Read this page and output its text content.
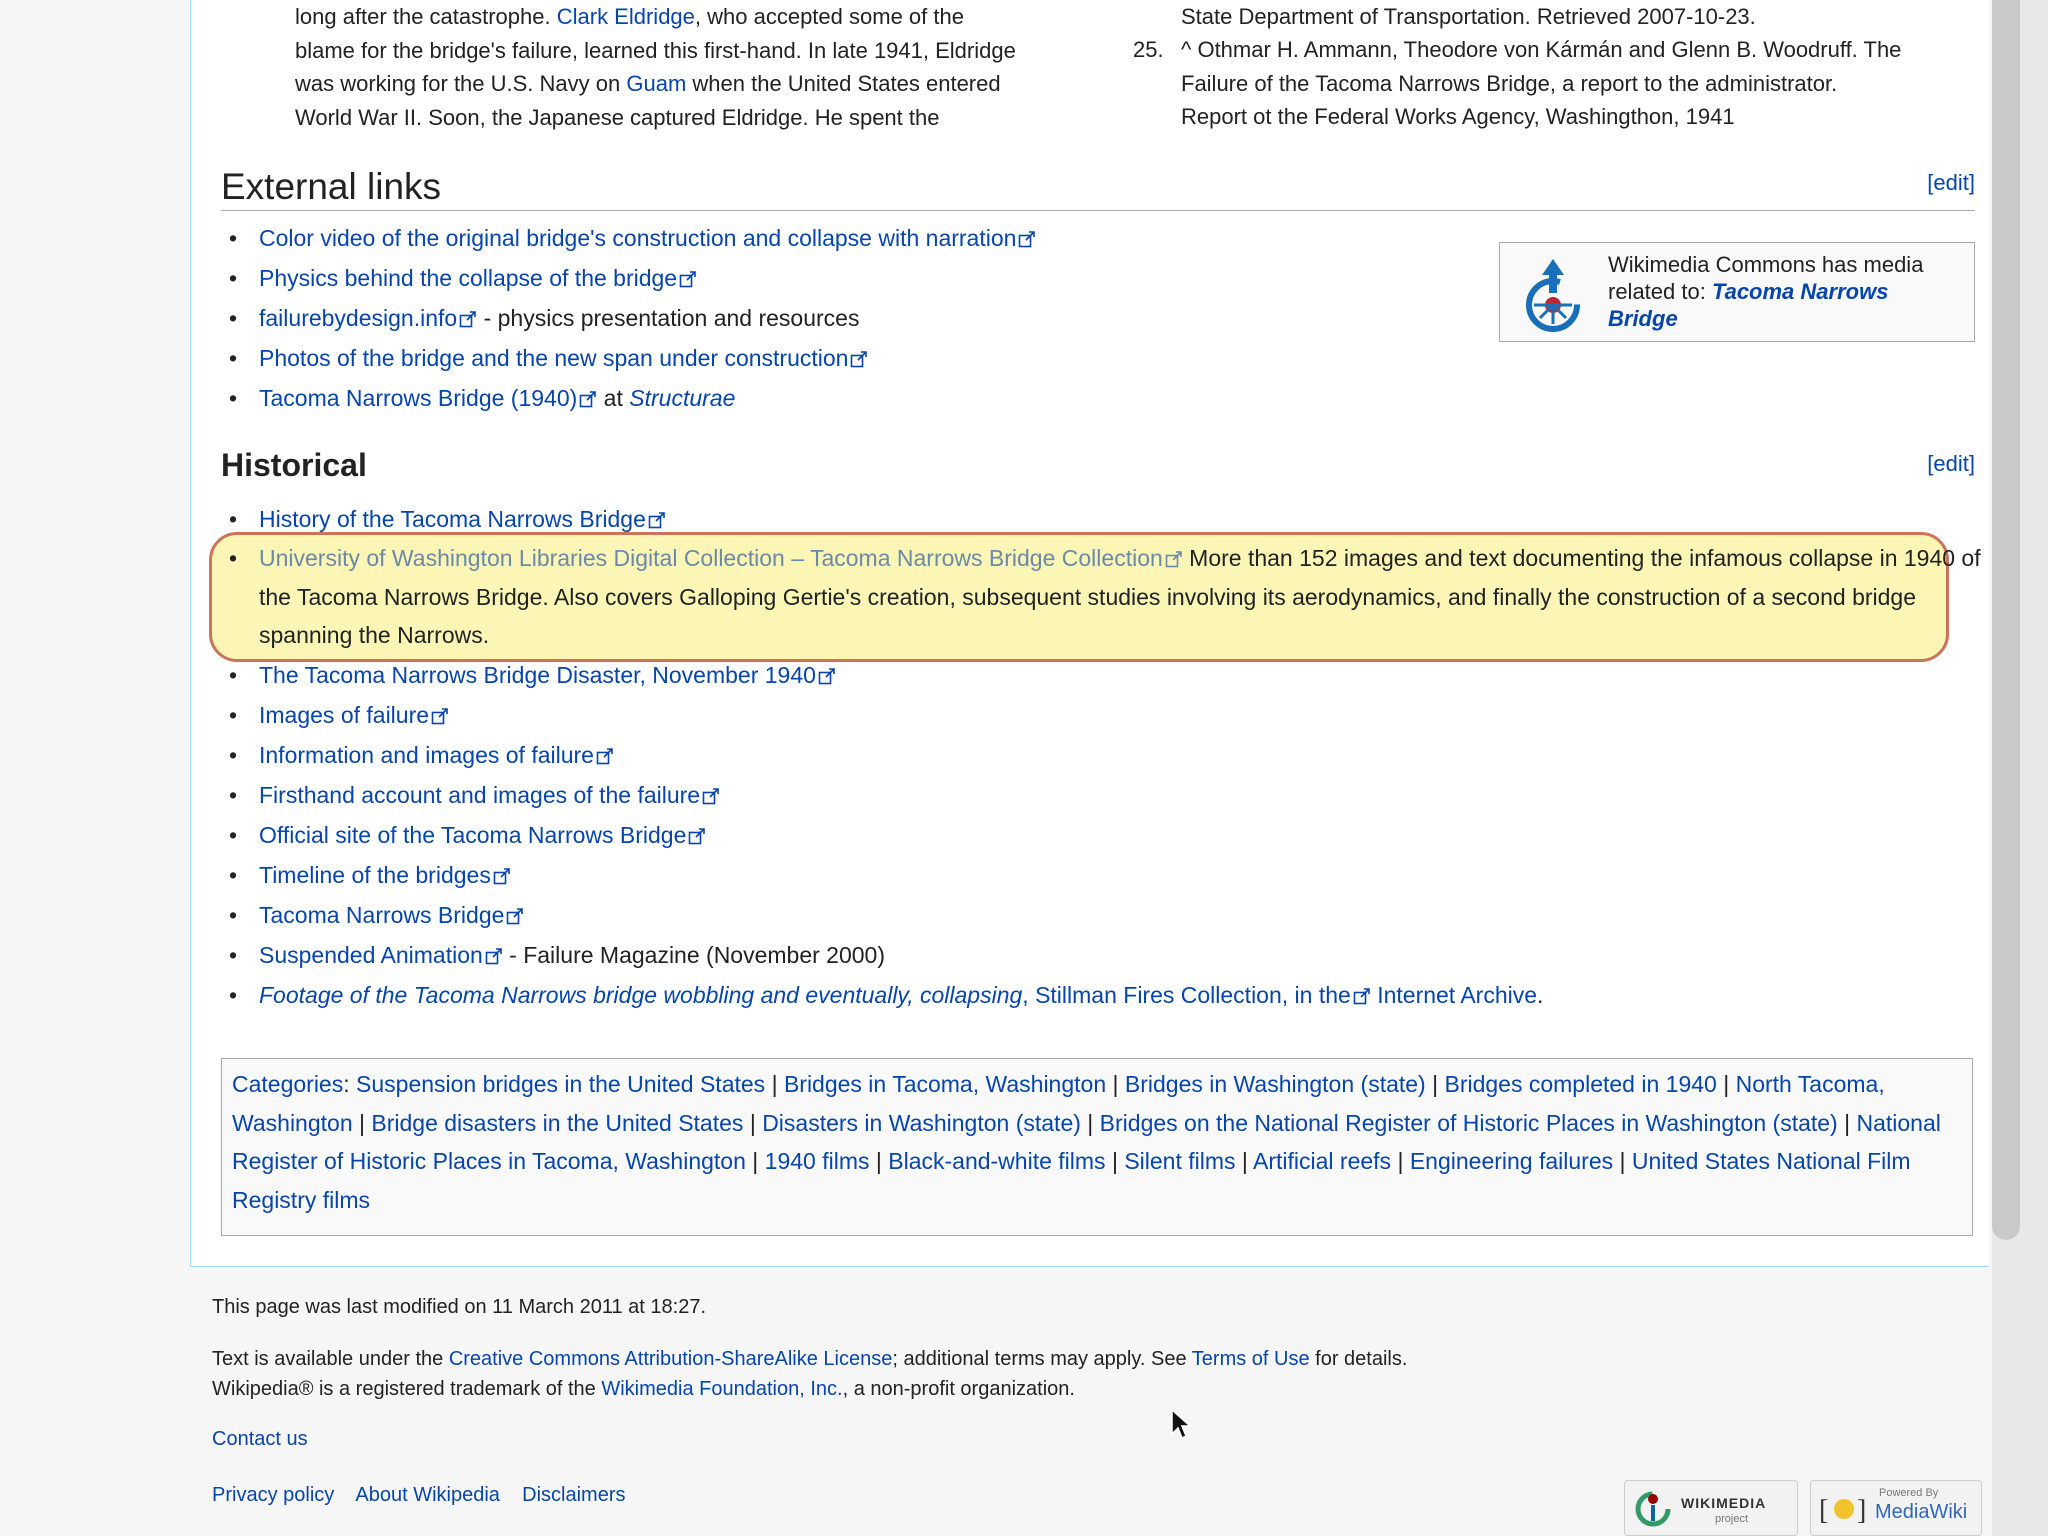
long after the catastrophe. Clark Eldridge, who accepted some of the
blame for the bridge's failure, learned this first-hand. In late 1941, Eldridge
was working for the U.S. Navy on Guam when the United States entered
World War II. Soon, the Japanese captured Eldridge. He spent the
State Department of Transportation. Retrieved 2007-10-23.
25. ^ Othmar H. Ammann, Theodore von Kármán and Glenn B. Woodruff. The
Failure of the Tacoma Narrows Bridge, a report to the administrator.
Report ot the Federal Works Agency, Washingthon, 1941
External links	[edit]
• Color video of the original bridge's construction and collapse with narration
• Physics behind the collapse of the bridge
• failurebydesign.info - physics presentation and resources
• Photos of the bridge and the new span under construction
• Tacoma Narrows Bridge (1940) at Structurae
Wikimedia Commons has media related to: Tacoma Narrows Bridge
Historical	[edit]
• History of the Tacoma Narrows Bridge
• University of Washington Libraries Digital Collection – Tacoma Narrows Bridge Collection More than 152 images and text documenting the infamous collapse in 1940 of the Tacoma Narrows Bridge. Also covers Galloping Gertie's creation, subsequent studies involving its aerodynamics, and finally the construction of a second bridge spanning the Narrows.
• The Tacoma Narrows Bridge Disaster, November 1940
• Images of failure
• Information and images of failure
• Firsthand account and images of the failure
• Official site of the Tacoma Narrows Bridge
• Timeline of the bridges
• Tacoma Narrows Bridge
• Suspended Animation - Failure Magazine (November 2000)
• Footage of the Tacoma Narrows bridge wobbling and eventually, collapsing, Stillman Fires Collection, in the Internet Archive.
Categories: Suspension bridges in the United States | Bridges in Tacoma, Washington | Bridges in Washington (state) | Bridges completed in 1940 | North Tacoma, Washington | Bridge disasters in the United States | Disasters in Washington (state) | Bridges on the National Register of Historic Places in Washington (state) | National Register of Historic Places in Tacoma, Washington | 1940 films | Black-and-white films | Silent films | Artificial reefs | Engineering failures | United States National Film Registry films
This page was last modified on 11 March 2011 at 18:27.
Text is available under the Creative Commons Attribution-ShareAlike License; additional terms may apply. See Terms of Use for details.
Wikipedia® is a registered trademark of the Wikimedia Foundation, Inc., a non-profit organization.
Contact us
Privacy policy About Wikipedia Disclaimers	WIKIMEDIA
project	[ ]
Powered By
MediaWiki
